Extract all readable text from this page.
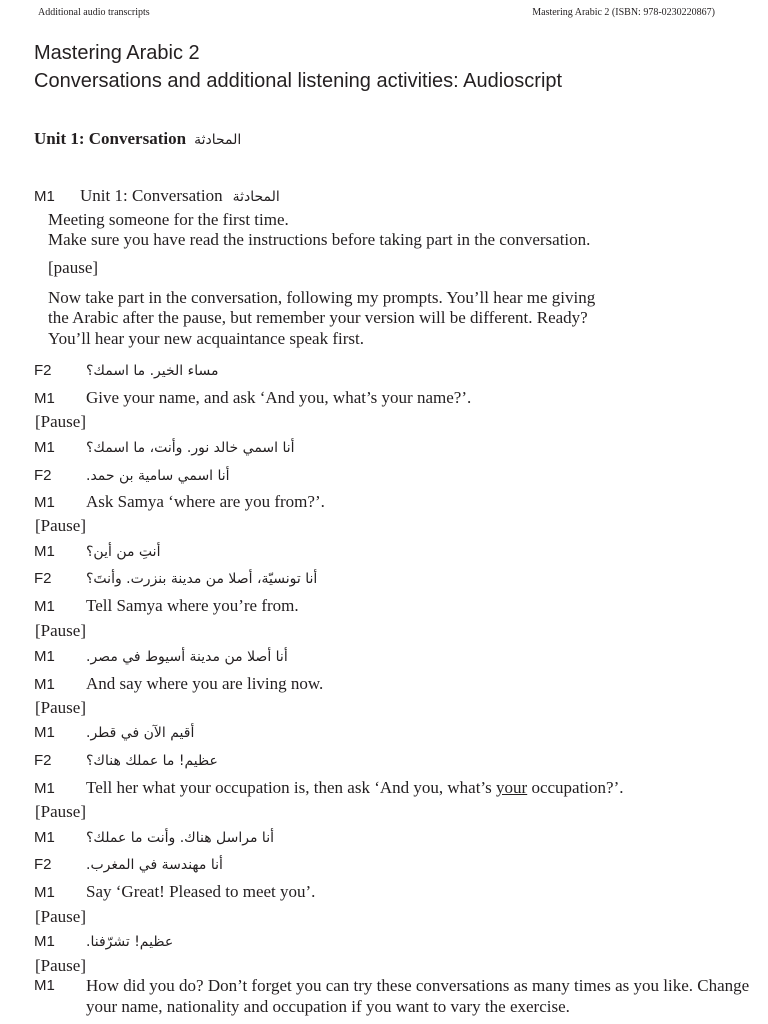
Additional audio transcripts	Mastering Arabic 2 (ISBN: 978-0230220867)
Mastering Arabic 2
Conversations and additional listening activities: Audioscript
Unit 1: Conversation المحادثة
M1	Unit 1: Conversation المحادثة
Meeting someone for the first time.
Make sure you have read the instructions before taking part in the conversation.
[pause]
Now take part in the conversation, following my prompts. You’ll hear me giving
the Arabic after the pause, but remember your version will be different. Ready?
You’ll hear your new acquaintance speak first.
F2	مساء الخير. ما اسمك؟
M1	Give your name, and ask ‘And you, what’s your name?’.
[Pause]
M1	أنا اسمي خالد نور. وأنت، ما اسمك؟
F2	أنا اسمي سامية بن حمد.
M1	Ask Samya ‘where are you from?’.
[Pause]
M1	أنتِ من أين؟
F2	أنا تونسيّة، أصلا من مدينة بنزرت. وأنتَ؟
M1	Tell Samya where you’re from.
[Pause]
M1	أنا أصلا من مدينة أسيوط في مصر.
M1	And say where you are living now.
[Pause]
M1	أقيم الآن في قطر.
F2	عظيم! ما عملك هناك؟
M1	Tell her what your occupation is, then ask ‘And you, what’s your occupation?’.
[Pause]
M1	أنا مراسل هناك. وأنت ما عملك؟
F2	أنا مهندسة في المغرب.
M1	Say ‘Great! Pleased to meet you’.
[Pause]
M1	عظيم! تشرّفنا.
[Pause]
M1	How did you do? Don’t forget you can try these conversations as many times as you like. Change your name, nationality and occupation if you want to vary the exercise.
